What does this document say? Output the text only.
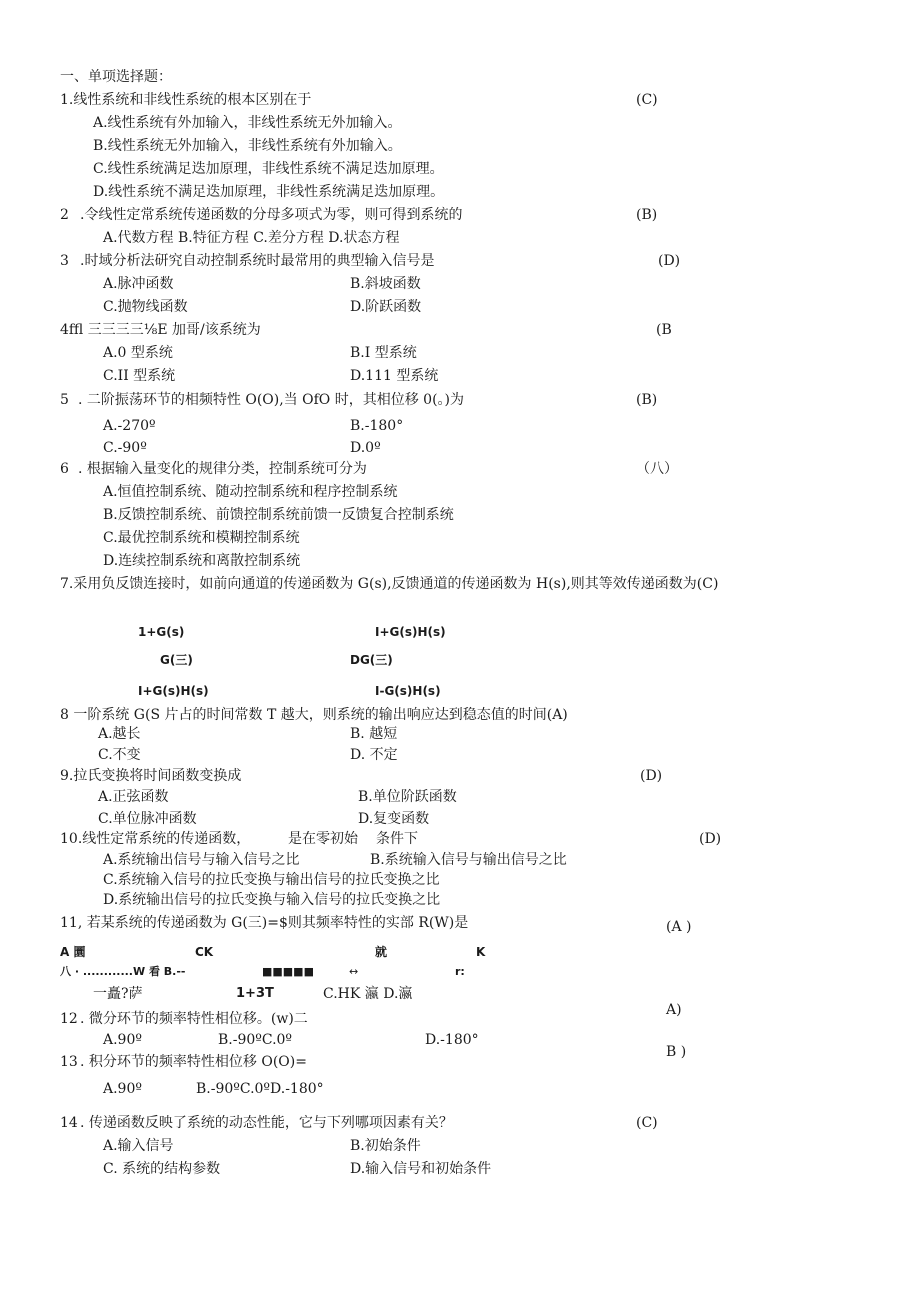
一、单项选择题：
1.线性系统和非线性系统的根本区别在于	(C)
A.线性系统有外加输入，非线性系统无外加输入。
B.线性系统无外加输入，非线性系统有外加输入。
C.线性系统满足迭加原理，非线性系统不满足迭加原理。
D.线性系统不满足迭加原理，非线性系统满足迭加原理。
2 .令线性定常系统传递函数的分母多项式为零，则可得到系统的	(B)
A.代数方程 B.特征方程 C.差分方程 D.状态方程
3 .时域分析法研究自动控制系统时最常用的典型输入信号是	(D)
A.脉冲函数	B.斜坡函数
C.抛物线函数	D.阶跃函数
4ffl 三三三三⅛E 加哥/该系统为	(B
A.0 型系统	B.I 型系统
C.II 型系统	D.111 型系统
5 . 二阶振荡环节的相频特性 O(O),当 OfO 时，其相位移 0(。)为	(B)
A.-270º	B.-180°
C.-90º	D.0º
6 . 根据输入量变化的规律分类，控制系统可分为	（八）
A.恒值控制系统、随动控制系统和程序控制系统
B.反馈控制系统、前馈控制系统前馈一反馈复合控制系统
C.最优控制系统和模糊控制系统
D.连续控制系统和离散控制系统
7.采用负反馈连接时，如前向通道的传递函数为 G(s),反馈通道的传递函数为 H(s),则其等效传递函数为(C)
1+G(s)	I+G(s)H(s)
G(三)	DG(三)
I+G(s)H(s)	I-G(s)H(s)
8 一阶系统 G(S 片占的时间常数 T 越大，则系统的输出响应达到稳态值的时间(A)
A.越长	B. 越短
C.不变	D. 不定
9.拉氏变换将时间函数变换成	(D)
A.正弦函数	B.单位阶跃函数
C.单位脉冲函数	D.复变函数
10.线性定常系统的传递函数，	是在零初始 条件下	(D)
A.系统输出信号与输入信号之比	B.系统输入信号与输出信号之比
C.系统输入信号的拉氏变换与输出信号的拉氏变换之比
D.系统输出信号的拉氏变换与输入信号的拉氏变换之比
11, 若某系统的传递函数为 G(三)=$则其频率特性的实部 R(W)是	(A )
A 圜	CK	就	K
八 · ............W 看 B.--	■■■■■	↔	r:
一矗?萨	1+3T	C.HK 瀛 D.瀛
12 . 微分环节的频率特性相位移。(w)二
A)
A.90º	B.-90ºC.0º	D.-180°
13 . 积分环节的频率特性相位移 O(O)=
B )
A.90º	B.-90ºC.0ºD.-180°
14 . 传递函数反映了系统的动态性能，它与下列哪项因素有关？	(C)
A.输入信号	B.初始条件
C. 系统的结构参数	D.输入信号和初始条件
